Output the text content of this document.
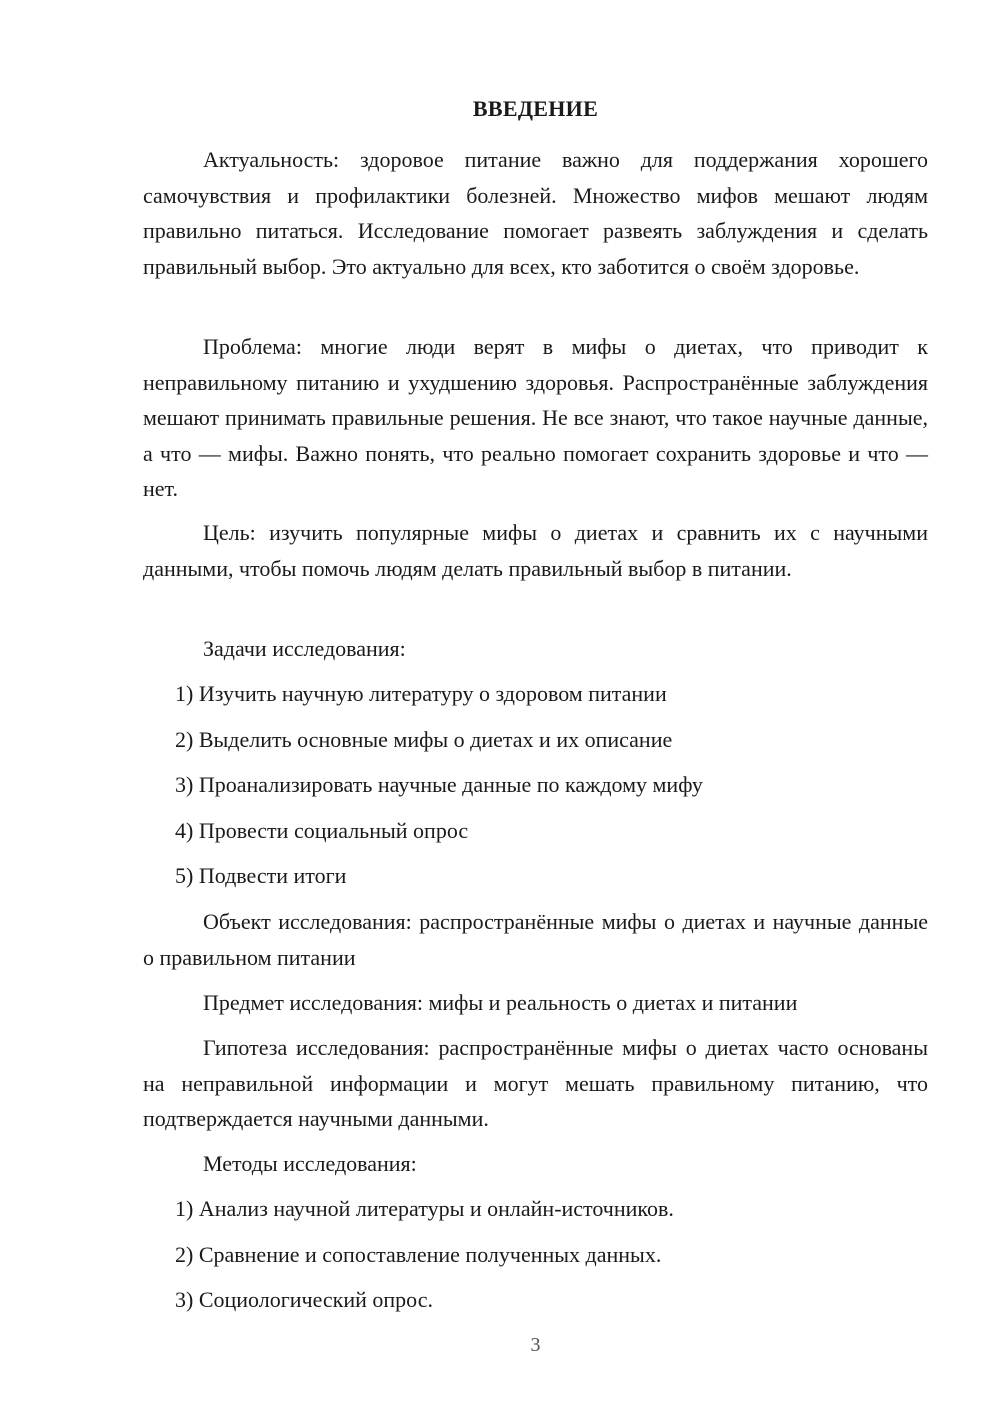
ВВЕДЕНИЕ

Актуальность: здоровое питание важно для поддержания хорошего самочувствия и профилактики болезней. Множество мифов мешают людям правильно питаться. Исследование помогает развеять заблуждения и сделать правильный выбор. Это актуально для всех, кто заботится о своём здоровье.

Проблема: многие люди верят в мифы о диетах, что приводит к неправильному питанию и ухудшению здоровья. Распространённые заблуждения мешают принимать правильные решения. Не все знают, что такое научные данные, а что — мифы. Важно понять, что реально помогает сохранить здоровье и что — нет.

Цель: изучить популярные мифы о диетах и сравнить их с научными данными, чтобы помочь людям делать правильный выбор в питании.

Задачи исследования:

1) Изучить научную литературу о здоровом питании

2) Выделить основные мифы о диетах и их описание

3) Проанализировать научные данные по каждому мифу

4) Провести социальный опрос

5) Подвести итоги

Объект исследования: распространённые мифы о диетах и научные данные о правильном питании

Предмет исследования: мифы и реальность о диетах и питании

Гипотеза исследования: распространённые мифы о диетах часто основаны на неправильной информации и могут мешать правильному питанию, что подтверждается научными данными.

Методы исследования:

1) Анализ научной литературы и онлайн-источников.

2) Сравнение и сопоставление полученных данных.

3) Социологический опрос.

3
